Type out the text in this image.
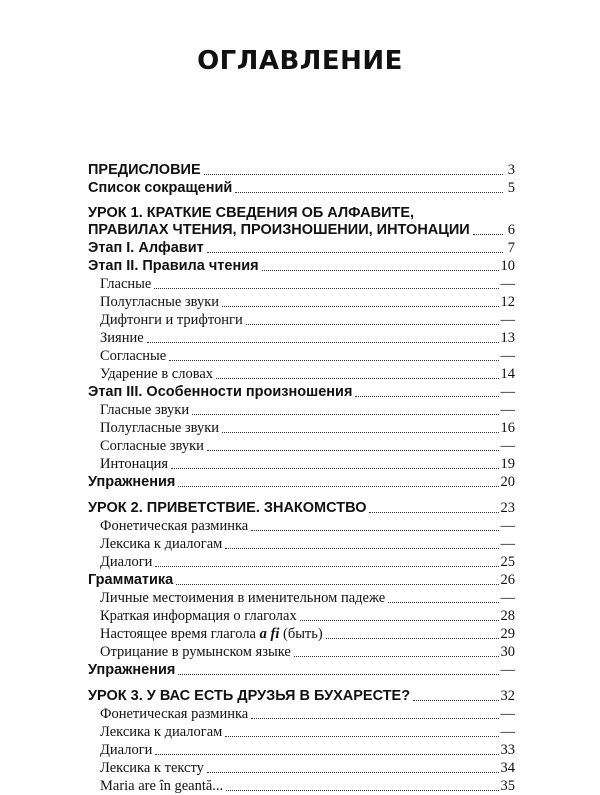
ОГЛАВЛЕНИЕ
ПРЕДИСЛОВИЕ	3
Список сокращений	5
УРОК 1. КРАТКИЕ СВЕДЕНИЯ ОБ АЛФАВИТЕ,
ПРАВИЛАХ ЧТЕНИЯ, ПРОИЗНОШЕНИИ, ИНТОНАЦИИ	6
Этап I. Алфавит	7
Этап II. Правила чтения	10
Гласные	—
Полугласные звуки	12
Дифтонги и трифтонги	—
Зияние	13
Согласные	—
Ударение в словах	14
Этап III. Особенности произношения	—
Гласные звуки	—
Полугласные звуки	16
Согласные звуки	—
Интонация	19
Упражнения	20
УРОК 2. ПРИВЕТСТВИЕ. ЗНАКОМСТВО	23
Фонетическая разминка	—
Лексика к диалогам	—
Диалоги	25
Грамматика	26
Личные местоимения в именительном падеже	—
Краткая информация о глаголах	28
Настоящее время глагола
a fi
(быть)	29
Отрицание в румынском языке	30
Упражнения	—
УРОК 3. У ВАС ЕСТЬ ДРУЗЬЯ В БУХАРЕСТЕ?	32
Фонетическая разминка	—
Лексика к диалогам	—
Диалоги	33
Лексика к тексту	34
Maria are în geantă...	35
